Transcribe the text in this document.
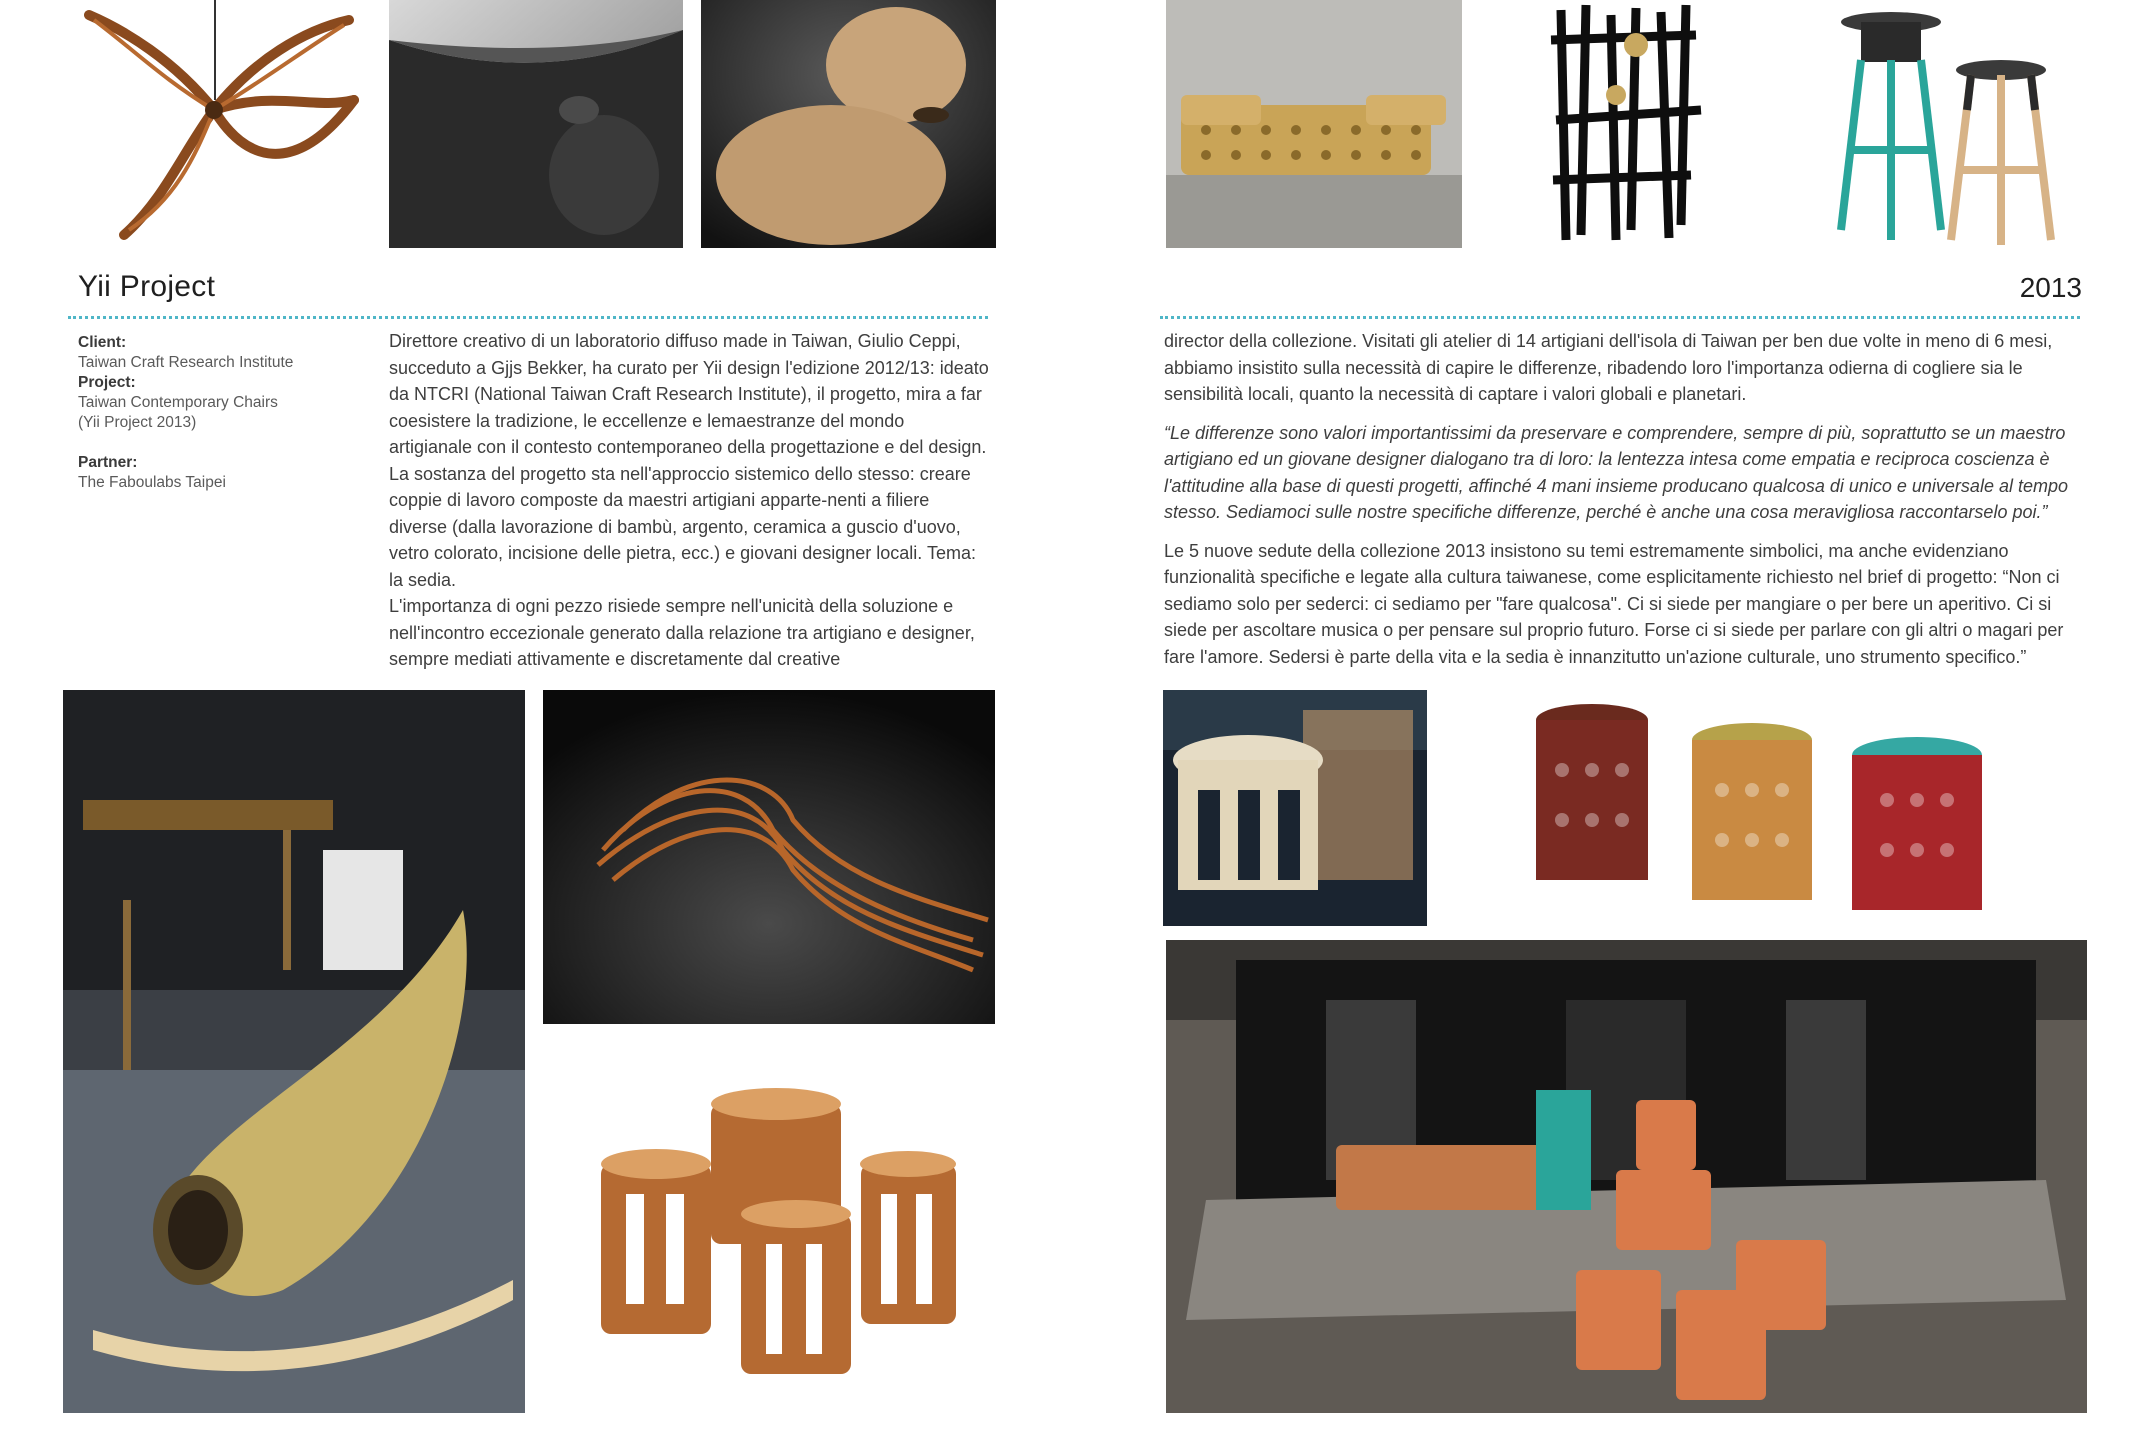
Yii Project	2013
Client:
Taiwan Craft Research Institute
Project:
Taiwan Contemporary Chairs
(Yii Project 2013)
Partner:
The Faboulabs Taipei

Direttore creativo di un laboratorio diffuso made in Taiwan, Giulio Ceppi, succeduto a Gjjs Bekker, ha curato per Yii design l'edizione 2012/13: ideato da NTCRI (National Taiwan Craft Research Institute), il progetto, mira a far coesistere la tradizione, le eccellenze e lemaestranze del mondo artigianale con il contesto contemporaneo della progettazione e del design. La sostanza del progetto sta nell'approccio sistemico dello stesso: creare coppie di lavoro composte da maestri artigiani apparte-nenti a filiere diverse (dalla lavorazione di bambù, argento, ceramica a guscio d'uovo, vetro colorato, incisione delle pietra, ecc.) e giovani designer locali. Tema: la sedia.

L'importanza di ogni pezzo risiede sempre nell'unicità della soluzione e nell'incontro eccezionale generato dalla relazione tra artigiano e designer, sempre mediati attivamente e discretamente dal creative

director della collezione. Visitati gli atelier di 14 artigiani dell'isola di Taiwan per ben due volte in meno di 6 mesi, abbiamo insistito sulla necessità di capire le differenze, ribadendo loro l'importanza odierna di cogliere sia le sensibilità locali, quanto la necessità di captare i valori globali e planetari.

“Le differenze sono valori importantissimi da preservare e comprendere, sempre di più, soprattutto se un maestro artigiano ed un giovane designer dialogano tra di loro: la lentezza intesa come empatia e reciproca coscienza è l'attitudine alla base di questi progetti, affinché 4 mani insieme producano qualcosa di unico e universale al tempo stesso. Sediamoci sulle nostre specifiche differenze, perché è anche una cosa meravigliosa raccontarselo poi.”

Le 5 nuove sedute della collezione 2013 insistono su temi estremamente simbolici, ma anche evidenziano funzionalità specifiche e legate alla cultura taiwanese, come esplicitamente richiesto nel brief di progetto: “Non ci sediamo solo per sederci: ci sediamo per "fare qualcosa". Ci si siede per mangiare o per bere un aperitivo. Ci si siede per ascoltare musica o per pensare sul proprio futuro. Forse ci si siede per parlare con gli altri o magari per fare l'amore. Sedersi è parte della vita e la sedia è innanzitutto un'azione culturale, uno strumento specifico.”
